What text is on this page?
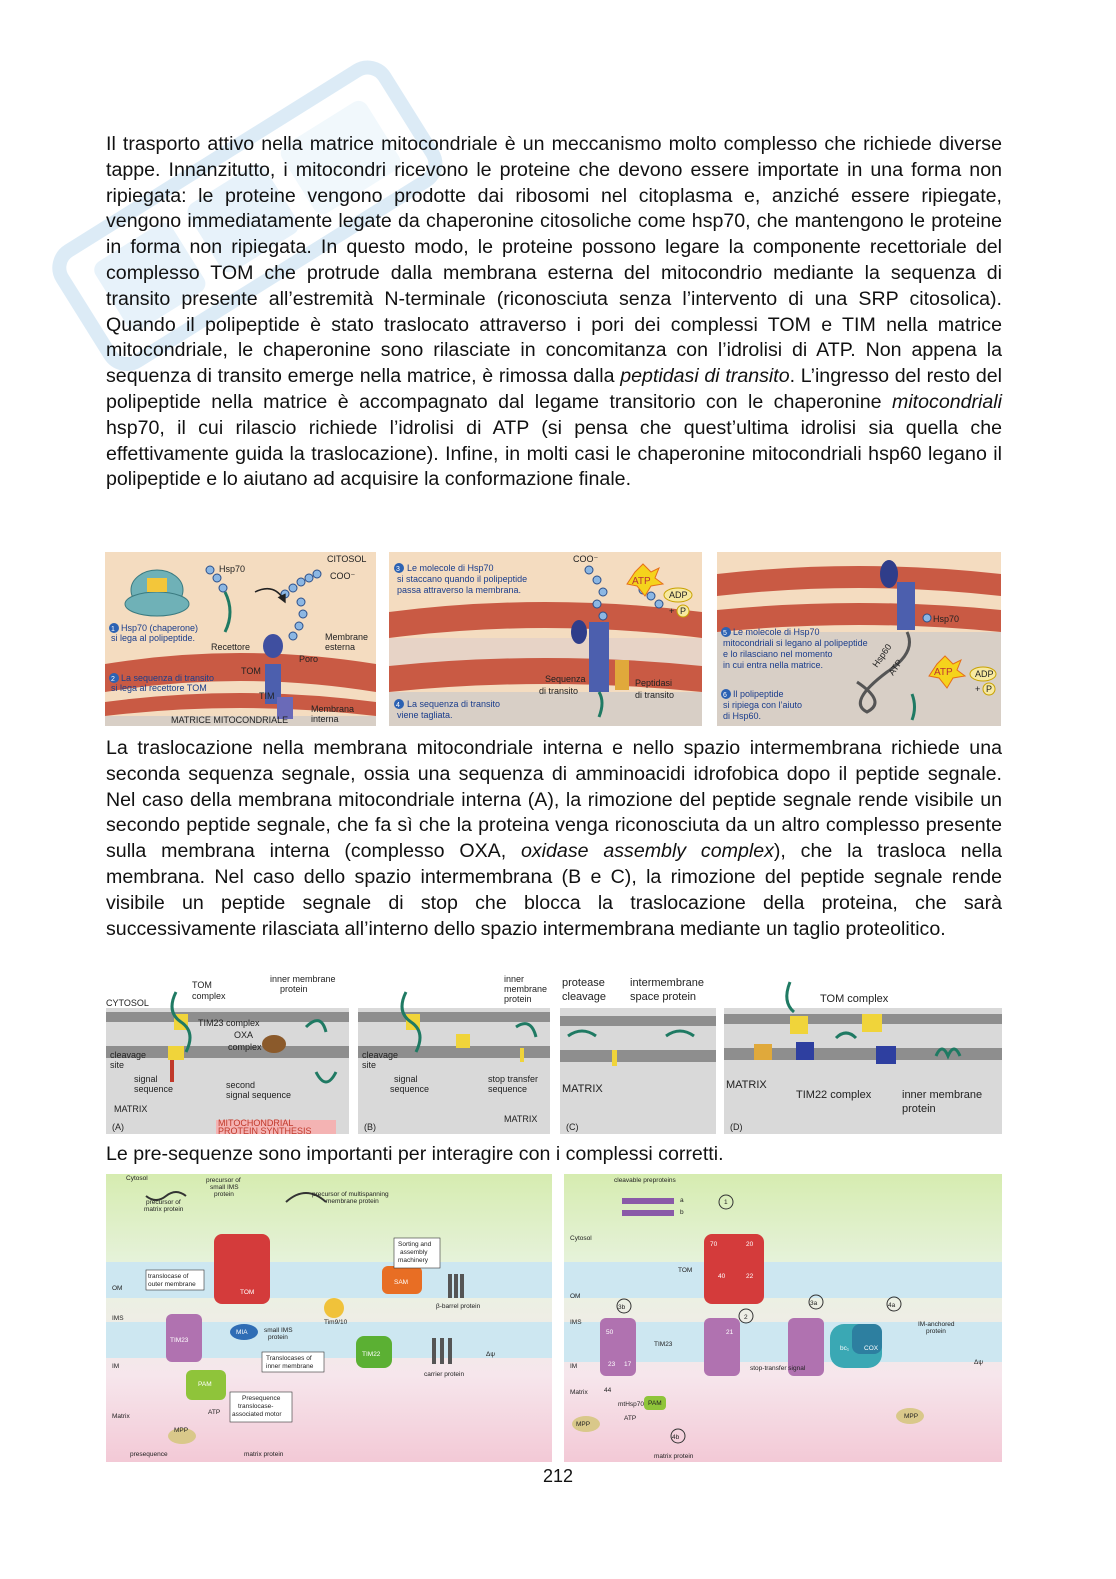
Il trasporto attivo nella matrice mitocondriale è un meccanismo molto complesso che richiede diverse tappe. Innanzitutto, i mitocondri ricevono le proteine che devono essere importate in una forma non ripiegata: le proteine vengono prodotte dai ribosomi nel citoplasma e, anziché essere ripiegate, vengono immediatamente legate da chaperonine citosoliche come hsp70, che mantengono le proteine in forma non ripiegata. In questo modo, le proteine possono legare la componente recettoriale del complesso TOM che protrude dalla membrana esterna del mitocondrio mediante la sequenza di transito presente all’estremità N-terminale (riconosciuta senza l’intervento di una SRP citosolica). Quando il polipeptide è stato traslocato attraverso i pori dei complessi TOM e TIM nella matrice mitocondriale, le chaperonine sono rilasciate in concomitanza con l’idrolisi di ATP. Non appena la sequenza di transito emerge nella matrice, è rimossa dalla peptidasi di transito. L’ingresso del resto del polipeptide nella matrice è accompagnato dal legame transitorio con le chaperonine mitocondriali hsp70, il cui rilascio richiede l’idrolisi di ATP (si pensa che quest’ultima idrolisi sia quella che effettivamente guida la traslocazione). Infine, in molti casi le chaperonine mitocondriali hsp60 legano il polipeptide e lo aiutano ad acquisire la conformazione finale.

Hsp70
CITOSOL
COO⁻
1 Hsp70 (chaperone)
si lega al polipeptide.
Recettore
Membrane
esterna
Poro
TOM
TIM
2 La sequenza di transito
si lega al recettore TOM
MATRICE MITOCONDRIALE
Membrana
interna
ATP
ADP
+ P
COO⁻
3 Le molecole di Hsp70
si staccano quando il polipeptide
passa attraverso la membrana.
Sequenza
di transito
Peptidasi
di transito
4 La sequenza di transito
viene tagliata.
ATP ADP
+ P
Hsp70
5 Le molecole di Hsp70
mitocondriali si legano al polipeptide
e lo rilasciano nel momento
in cui entra nella matrice.	Hsp60
ATP
6 Il polipeptide
si ripiega con l’aiuto
di Hsp60.

La traslocazione nella membrana mitocondriale interna e nello spazio intermembrana richiede una seconda sequenza segnale, ossia una sequenza di amminoacidi idrofobica dopo il peptide segnale. Nel caso della membrana mitocondriale interna (A), la rimozione del peptide segnale rende visibile un secondo peptide segnale, che fa sì che la proteina venga riconosciuta da un altro complesso presente sulla membrana interna (complesso OXA, oxidase assembly complex), che la trasloca nella membrana. Nel caso dello spazio intermembrana (B e C), la rimozione del peptide segnale rende visibile un peptide segnale di stop che blocca la traslocazione della proteina, che sarà successivamente rilasciata all’interno dello spazio intermembrana mediante un taglio proteolitico.

TOM
complex
CYTOSOL
inner membrane
protein
TIM23 complex
OXA
complex
cleavage
site
signal
sequence	second
signal sequence
MATRIX
MITOCHONDRIAL
PROTEIN SYNTHESIS
(A)
inner
membrane
protein
cleavage
site
signal
sequence
stop transfer
sequence
MATRIX
(B)
protease
cleavage
intermembrane
space protein
MATRIX
(C)
TOM complex
MATRIX
TIM22 complex	inner membrane
protein
(D)
Le pre-sequenze sono importanti per interagire con i complessi corretti.
Cytosol
precursor of
matrix protein
precursor of
small IMS
protein	precursor of multispanning
membrane protein
translocase of
outer membrane
TOM
OM
Sorting and
assembly
machinery
SAM
β-barrel protein
IMS
MIA	small IMS
protein
Tim9/10
TIM23
IM
Translocases of
inner membrane
TIM22
carrier protein
PAM
Presequence
translocase-
associated motor
Matrix
MPP
ATP
presequence	matrix protein
Δψ
cleavable preproteins
a
b
Cytosol
1
TOM
OM
70	20
40	22
2
3a
3b	4a
4b
IMS
TIM23
50	21
23 17
IM	stop-transfer signal
bc₁ COX
IM-anchored
protein
Matrix	44
PAM
MPP
MPP
ATP
mtHsp70
matrix protein
Δψ
212
